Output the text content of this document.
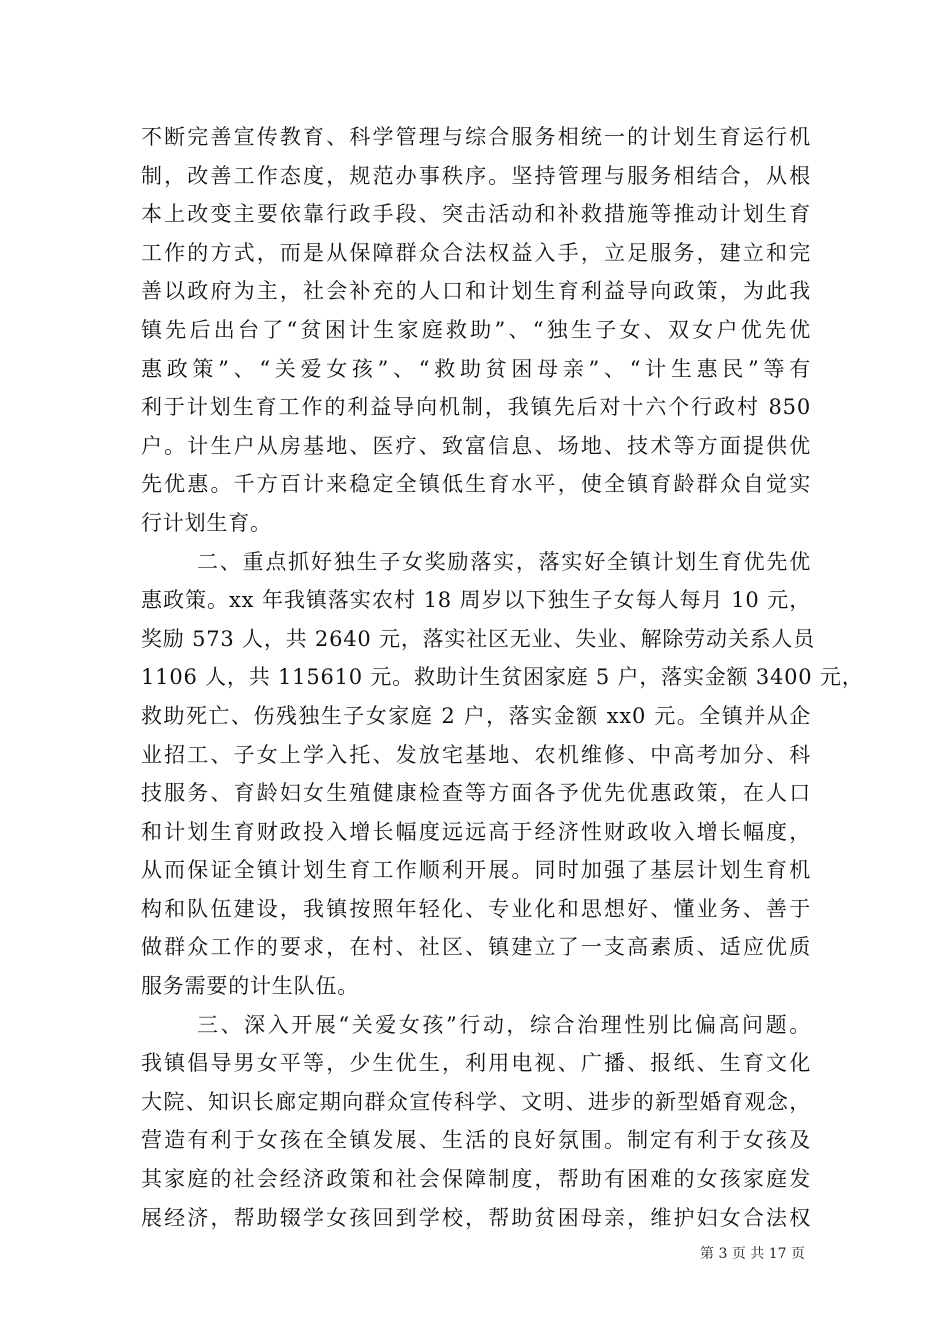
不断完善宣传教育、科学管理与综合服务相统一的计划生育运行机
制，改善工作态度，规范办事秩序。坚持管理与服务相结合，从根
本上改变主要依靠行政手段、突击活动和补救措施等推动计划生育
工作的方式，而是从保障群众合法权益入手，立足服务，建立和完
善以政府为主，社会补充的人口和计划生育利益导向政策，为此我
镇先后出台了“贫困计生家庭救助”、“独生子女、双女户优先优
惠政策”、“关爱女孩”、“救助贫困母亲”、“计生惠民”等有
利于计划生育工作的利益导向机制，我镇先后对十六个行政村 850
户。计生户从房基地、医疗、致富信息、场地、技术等方面提供优
先优惠。千方百计来稳定全镇低生育水平，使全镇育龄群众自觉实
行计划生育。
二、重点抓好独生子女奖励落实，落实好全镇计划生育优先优
惠政策。xx 年我镇落实农村 18 周岁以下独生子女每人每月 10 元，
奖励 573 人，共 2640 元，落实社区无业、失业、解除劳动关系人员
1106 人，共 115610 元。救助计生贫困家庭 5 户，落实金额 3400 元，
救助死亡、伤残独生子女家庭 2 户，落实金额 xx0 元。全镇并从企
业招工、子女上学入托、发放宅基地、农机维修、中高考加分、科
技服务、育龄妇女生殖健康检查等方面各予优先优惠政策，在人口
和计划生育财政投入增长幅度远远高于经济性财政收入增长幅度，
从而保证全镇计划生育工作顺利开展。同时加强了基层计划生育机
构和队伍建设，我镇按照年轻化、专业化和思想好、懂业务、善于
做群众工作的要求，在村、社区、镇建立了一支高素质、适应优质
服务需要的计生队伍。
三、深入开展“关爱女孩”行动，综合治理性别比偏高问题。
我镇倡导男女平等，少生优生，利用电视、广播、报纸、生育文化
大院、知识长廊定期向群众宣传科学、文明、进步的新型婚育观念，
营造有利于女孩在全镇发展、生活的良好氛围。制定有利于女孩及
其家庭的社会经济政策和社会保障制度，帮助有困难的女孩家庭发
展经济，帮助辍学女孩回到学校，帮助贫困母亲，维护妇女合法权
第 3 页 共 17 页
